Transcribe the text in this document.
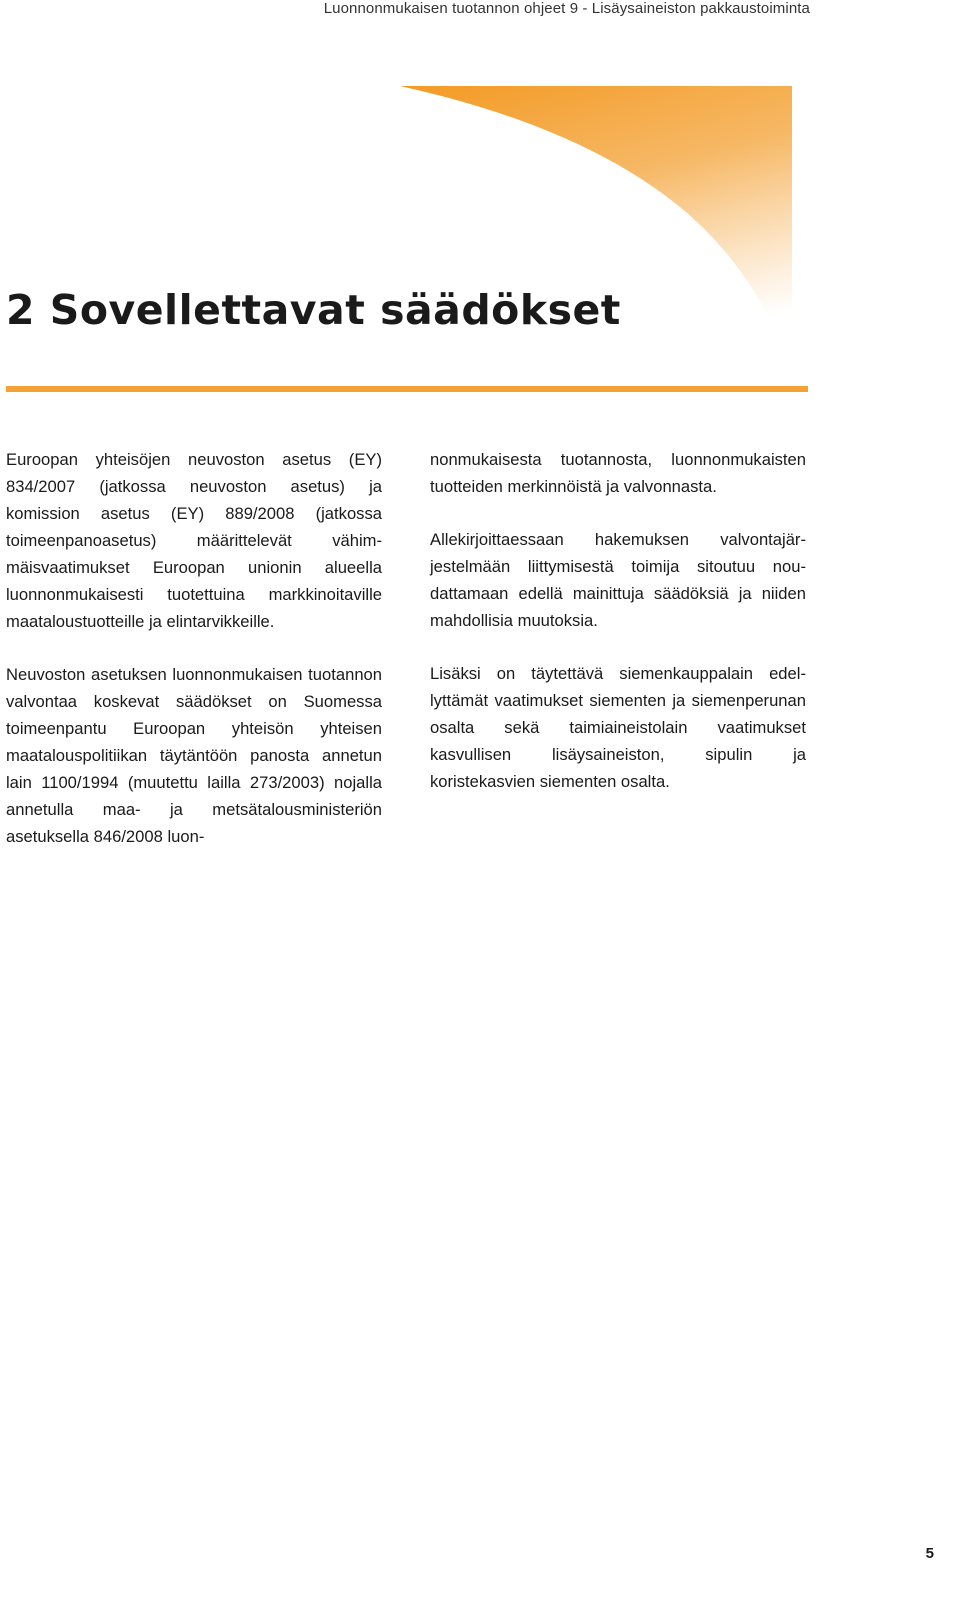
Luonnonmukaisen tuotannon ohjeet 9 - Lisäysaineiston pakkaustoiminta
2 Sovellettavat säädökset

Euroopan yhteisöjen neuvoston asetus (EY) 834/2007 (jatkossa neuvoston asetus) ja komission asetus (EY) 889/2008 (jatkossa toimeenpanoasetus) määrittelevät vähimmäisvaatimukset Euroopan unionin alueella luonnonmukaisesti tuotettuina markkinoitaville maataloustuotteille ja elintarvikkeille.

Neuvoston asetuksen luonnonmukaisen tuotannon valvontaa koskevat säädökset on Suomessa toimeenpantu Euroopan yhteisön yhteisen maatalouspolitiikan täytäntöön panosta annetun lain 1100/1994 (muutettu lailla 273/2003) nojalla annetulla maa- ja metsätalousministeriön asetuksella 846/2008 luon-

nonmukaisesta tuotannosta, luonnonmukaisten tuotteiden merkinnöistä ja valvonnasta.

Allekirjoittaessaan hakemuksen valvontajärjestelmään liittymisestä toimija sitoutuu noudattamaan edellä mainittuja säädöksiä ja niiden mahdollisia muutoksia.

Lisäksi on täytettävä siemenkauppalain edellyttämät vaatimukset siementen ja siemenperunan osalta sekä taimiaineistolain vaatimukset kasvullisen lisäysaineiston, sipulin ja koristekasvien siementen osalta.

5
